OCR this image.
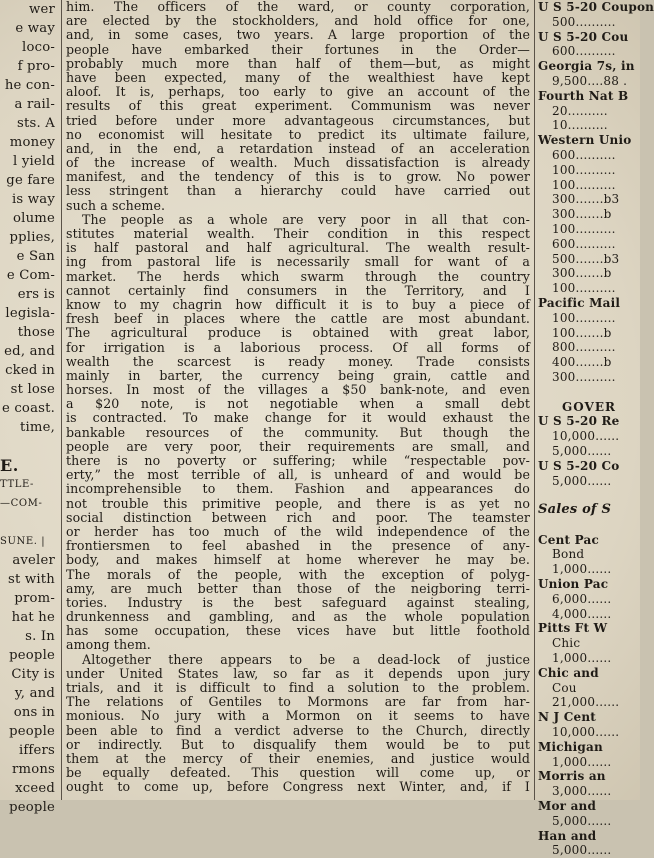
wer
e way
locо-
f pro-
he con-
a rail-
sts. A
money
l yield
ge fare
is way
olume
pplies,
e San
e Com-
ers is
legisla-
those
ed, and
cked in
st lose
e coast.
time,
E.
TTLE-
—COM-
SUNE. |
aveler
st with
prom-
hat he
s. In
people
City is
y, and
ons in
people
iffers
rmons
xceed
people
him. The officers of the ward, or county corporation,
are elected by the stockholders, and hold office for one,
and, in some cases, two years. A large proportion of the
people have embarked their fortunes in the Order—
probably much more than half of them—but, as might
have been expected, many of the wealthiest have kept
aloof. It is, perhaps, too early to give an account of the
results of this great experiment. Communism was never
tried before under more advantageous circumstances, but
no economist will hesitate to predict its ultimate failure,
and, in the end, a retardation instead of an acceleration
of the increase of wealth. Much dissatisfaction is already
manifest, and the tendency of this is to grow. No power
less stringent than a hierarchy could have carried out
such a scheme.
The people as a whole are very poor in all that con-
stitutes material wealth. Their condition in this respect
is half pastoral and half agricultural. The wealth result-
ing from pastoral life is necessarily small for want of a
market. The herds which swarm through the country
cannot certainly find consumers in the Territory, and I
know to my chagrin how difficult it is to buy a piece of
fresh beef in places where the cattle are most abundant.
The agricultural produce is obtained with great labor,
for irrigation is a laborious process. Of all forms of
wealth the scarcest is ready money. Trade consists
mainly in barter, the currency being grain, cattle and
horses. In most of the villages a $50 bank-note, and even
a $20 note, is not negotiable when a small debt
is contracted. To make change for it would exhaust the
bankable resources of the community. But though the
people are very poor, their requirements are small, and
there is no poverty or suffering; while “respectable pov-
erty,” the most terrible of all, is unheard of and would be
incomprehensible to them. Fashion and appearances do
not trouble this primitive people, and there is as yet no
social distinction between rich and poor. The teamster
or herder has too much of the wild independence of the
frontiersmen to feel abashed in the presence of any-
body, and makes himself at home wherever he may be.
The morals of the people, with the exception of polyg-
amy, are much better than those of the neigboring terri-
tories. Industry is the best safeguard against stealing,
drunkenness and gambling, and as the whole population
has some occupation, these vices have but little foothold
among them.
Altogether there appears to be a dead-lock of justice
under United States law, so far as it depends upon jury
trials, and it is difficult to find a solution to the problem.
The relations of Gentiles to Mormons are far from har-
monious. No jury with a Mormon on it seems to have
been able to find a verdict adverse to the Church, directly
or indirectly. But to disqualify them would be to put
them at the mercy of their enemies, and justice would
be equally defeated. This question will come up, or
ought to come up, before Congress next Winter, and, if I
U S 5-20 Coupon
500..........
U S 5-20 Cou
600..........
Georgia 7s, in
9,500....88 .
Fourth Nat B
20..........
10..........
Western Unio
600..........
100..........
100..........
300.......b3
300.......b
100..........
600..........
500.......b3
300.......b
100..........
Pacific Mail
100..........
100.......b
800..........
400.......b
300..........
GOVER
U S 5-20 Re
10,000......
5,000......
U S 5-20 Co
5,000......
Sales of S
Cent Pac
Bond
1,000......
Union Pac
6,000......
4,000......
Pitts Ft W
Chic
1,000......
Chic and
Cou
21,000......
N J Cent
10,000......
Michigan
1,000......
Morris an
3,000......
Mor and
5,000......
Han and
5,000......
